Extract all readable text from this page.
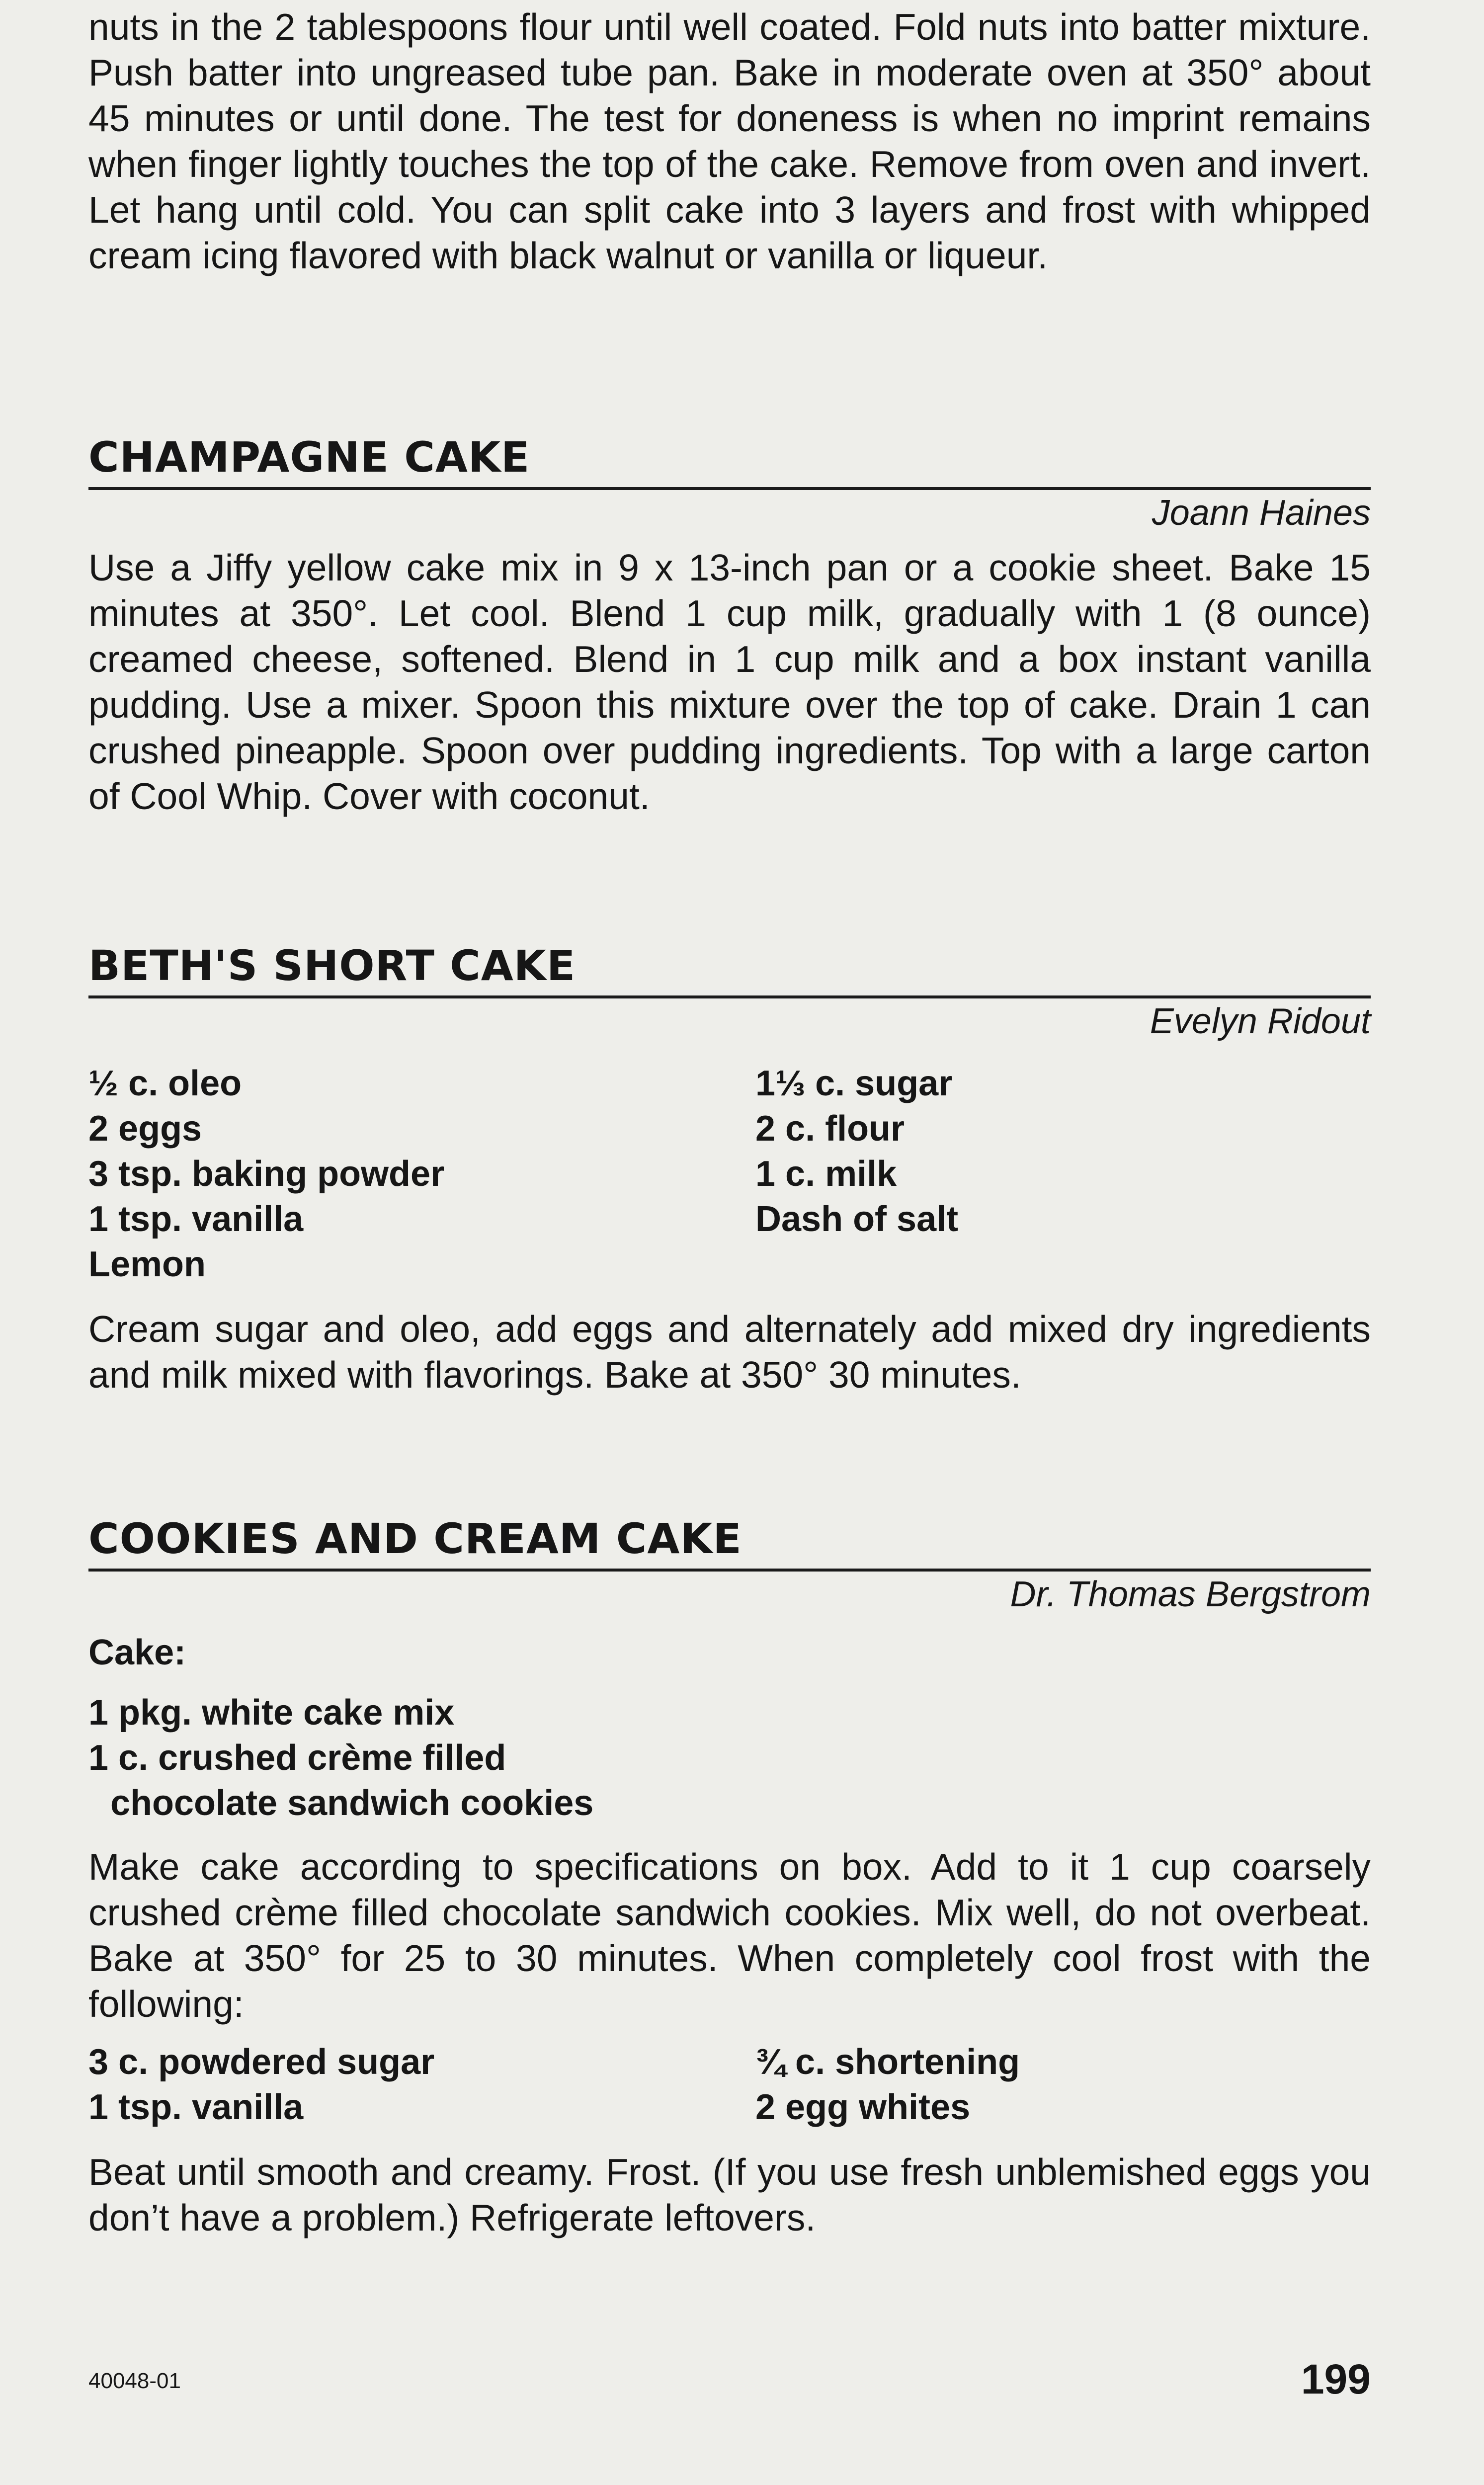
nuts in the 2 tablespoons flour until well coated. Fold nuts into batter mixture. Push batter into ungreased tube pan. Bake in moderate oven at 350° about 45 minutes or until done. The test for doneness is when no imprint remains when finger lightly touches the top of the cake. Remove from oven and invert. Let hang until cold. You can split cake into 3 layers and frost with whipped cream icing flavored with black walnut or vanilla or liqueur.

CHAMPAGNE CAKE

Joann Haines

Use a Jiffy yellow cake mix in 9 x 13-inch pan or a cookie sheet. Bake 15 minutes at 350°. Let cool. Blend 1 cup milk, gradually with 1 (8 ounce) creamed cheese, softened. Blend in 1 cup milk and a box instant vanilla pudding. Use a mixer. Spoon this mixture over the top of cake. Drain 1 can crushed pineapple. Spoon over pudding ingredients. Top with a large carton of Cool Whip. Cover with coconut.

BETH'S SHORT CAKE

Evelyn Ridout

½ c. oleo

2 eggs

3 tsp. baking powder

1 tsp. vanilla

Lemon

1⅓ c. sugar

2 c. flour

1 c. milk

Dash of salt

Cream sugar and oleo, add eggs and alternately add mixed dry ingredients and milk mixed with flavorings. Bake at 350° 30 minutes.

COOKIES AND CREAM CAKE

Dr. Thomas Bergstrom

Cake:

1 pkg. white cake mix

1 c. crushed crème filled

chocolate sandwich cookies

Make cake according to specifications on box. Add to it 1 cup coarsely crushed crème filled chocolate sandwich cookies. Mix well, do not overbeat. Bake at 350° for 25 to 30 minutes. When completely cool frost with the following:

3 c. powdered sugar

1 tsp. vanilla

¾ c. shortening

2 egg whites

Beat until smooth and creamy. Frost. (If you use fresh unblemished eggs you don’t have a problem.) Refrigerate leftovers.

40048-01	199
